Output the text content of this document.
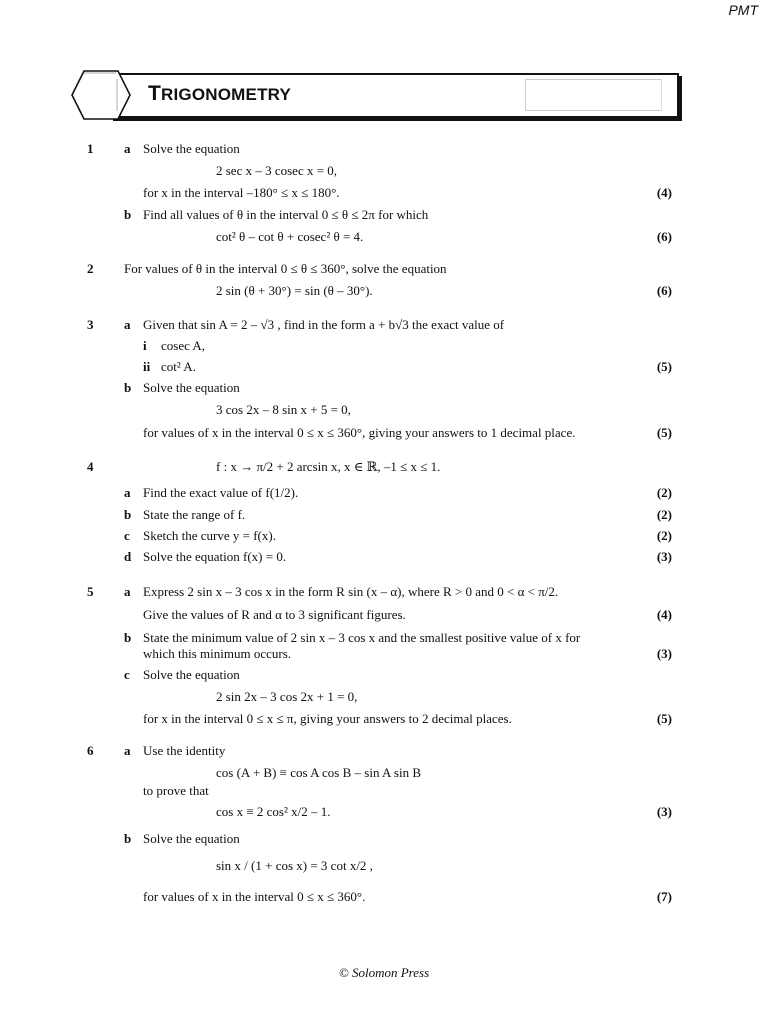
PMT
TRIGONOMETRY
1 a Solve the equation
2 sec x – 3 cosec x = 0,
for x in the interval –180° ≤ x ≤ 180°.	(4)
b Find all values of θ in the interval 0 ≤ θ ≤ 2π for which
cot² θ – cot θ + cosec² θ = 4.	(6)
2 For values of θ in the interval 0 ≤ θ ≤ 360°, solve the equation
2 sin (θ + 30°) = sin (θ – 30°).	(6)
3 a Given that sin A = 2 – √3 , find in the form a + b√3 the exact value of
i cosec A,
ii cot² A.	(5)
b Solve the equation
3 cos 2x – 8 sin x + 5 = 0,
for values of x in the interval 0 ≤ x ≤ 360°, giving your answers to 1 decimal place.	(5)
4	f : x → π/2 + 2 arcsin x, x ∈ ℝ, –1 ≤ x ≤ 1.
a Find the exact value of f(1/2).	(2)
b State the range of f.	(2)
c Sketch the curve y = f(x).	(2)
d Solve the equation f(x) = 0.	(3)
5 a Express 2 sin x – 3 cos x in the form R sin (x – α), where R > 0 and 0 < α < π/2.
Give the values of R and α to 3 significant figures.	(4)
b State the minimum value of 2 sin x – 3 cos x and the smallest positive value of x for
which this minimum occurs.	(3)
c Solve the equation
2 sin 2x – 3 cos 2x + 1 = 0,
for x in the interval 0 ≤ x ≤ π, giving your answers to 2 decimal places.	(5)
6 a Use the identity
cos (A + B) ≡ cos A cos B – sin A sin B
to prove that
cos x ≡ 2 cos² x/2 – 1.	(3)
b Solve the equation
sin x / (1 + cos x) = 3 cot x/2 ,
for values of x in the interval 0 ≤ x ≤ 360°.	(7)
© Solomon Press
